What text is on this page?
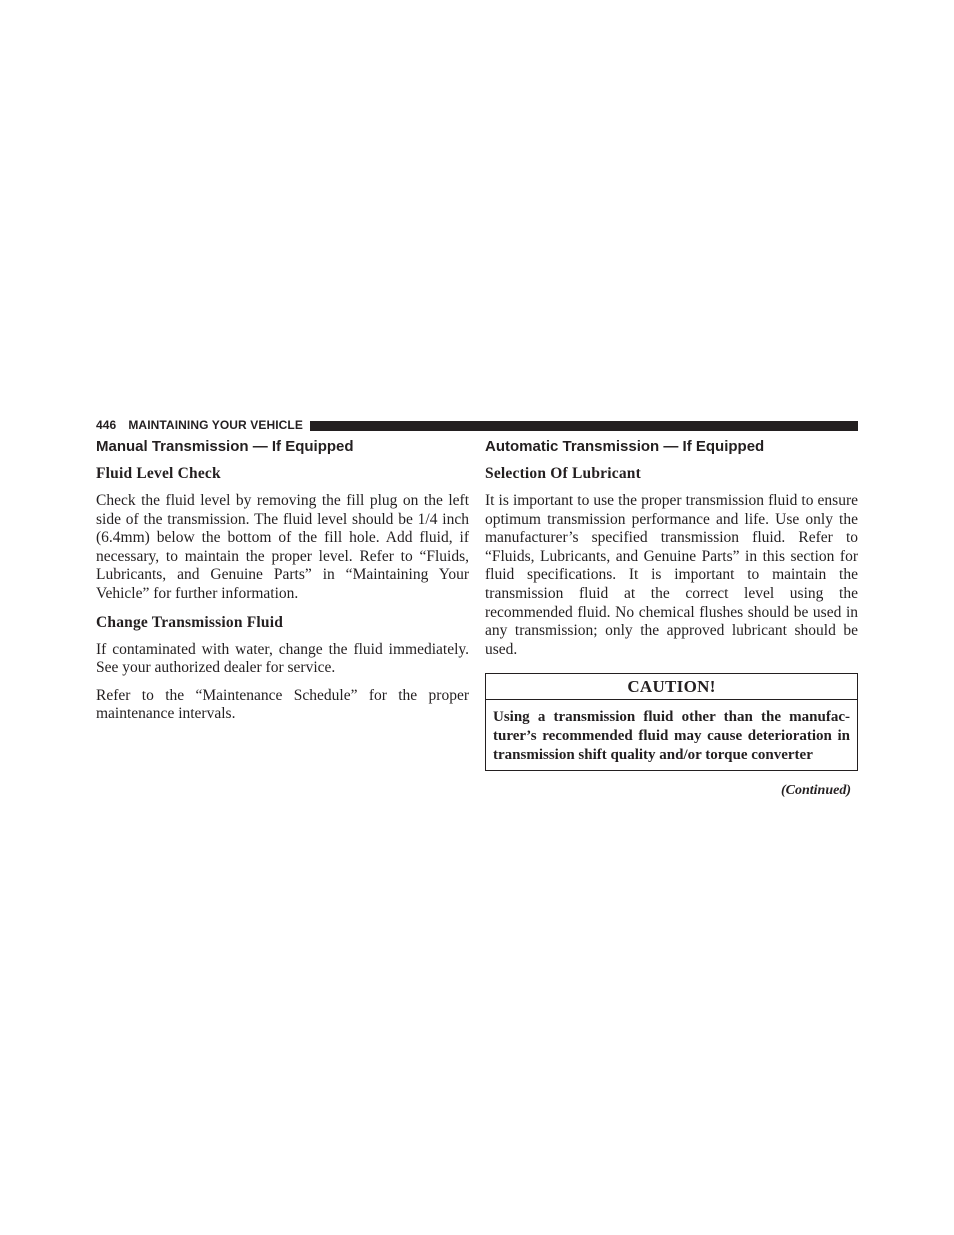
446 MAINTAINING YOUR VEHICLE
Manual Transmission — If Equipped
Fluid Level Check

Check the fluid level by removing the fill plug on the left side of the transmission. The fluid level should be 1/4 inch (6.4mm) below the bottom of the fill hole. Add fluid, if necessary, to maintain the proper level. Refer to “Fluids, Lubricants, and Genuine Parts” in “Maintaining Your Vehicle” for further information.

Change Transmission Fluid

If contaminated with water, change the fluid immediately. See your authorized dealer for service.

Refer to the “Maintenance Schedule” for the proper maintenance intervals.

Automatic Transmission — If Equipped
Selection Of Lubricant

It is important to use the proper transmission fluid to ensure optimum transmission performance and life. Use only the manufacturer’s specified transmission fluid. Refer to “Fluids, Lubricants, and Genuine Parts” in this section for fluid specifications. It is important to maintain the transmission fluid at the correct level using the recommended fluid. No chemical flushes should be used in any transmission; only the approved lubricant should be used.

CAUTION!
Using a transmission fluid other than the manufacturer’s recommended fluid may cause deterioration in transmission shift quality and/or torque converter
(Continued)
